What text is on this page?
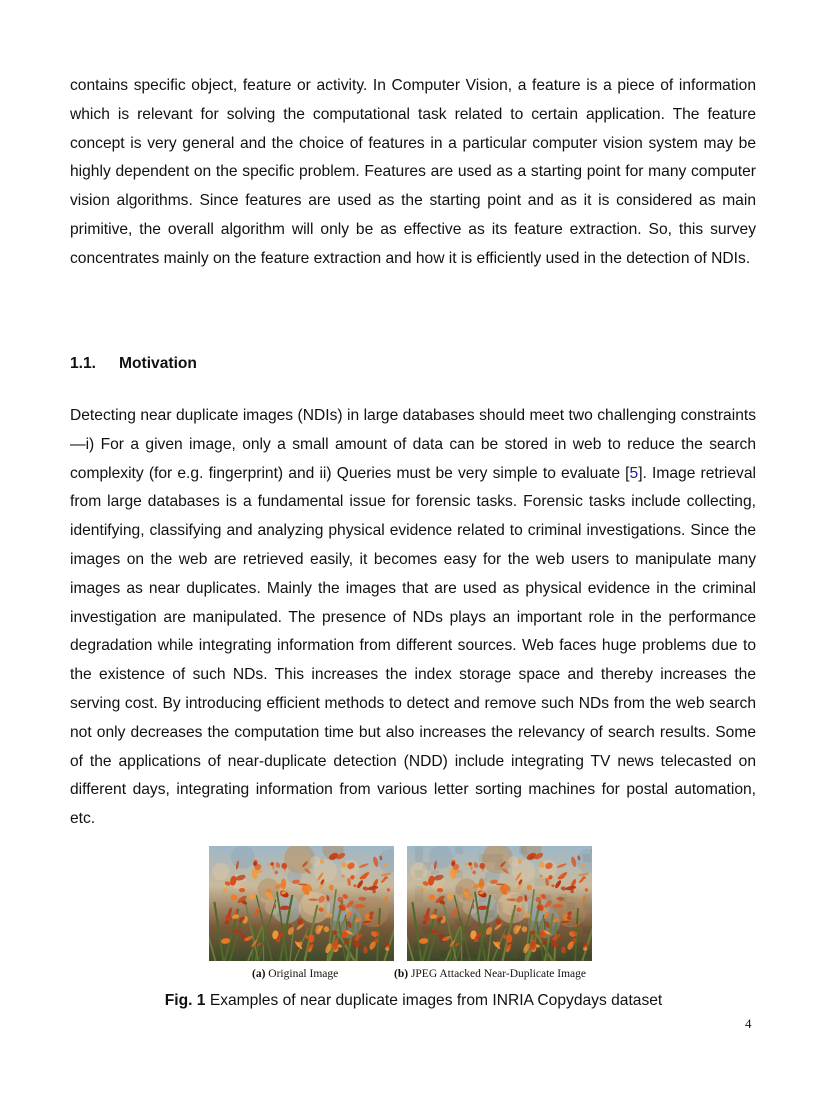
contains specific object, feature or activity. In Computer Vision, a feature is a piece of information which is relevant for solving the computational task related to certain application. The feature concept is very general and the choice of features in a particular computer vision system may be highly dependent on the specific problem. Features are used as a starting point for many computer vision algorithms. Since features are used as the starting point and as it is considered as main primitive, the overall algorithm will only be as effective as its feature extraction. So, this survey concentrates mainly on the feature extraction and how it is efficiently used in the detection of NDIs.

1.1. Motivation

Detecting near duplicate images (NDIs) in large databases should meet two challenging constraints—i) For a given image, only a small amount of data can be stored in web to reduce the search complexity (for e.g. fingerprint) and ii) Queries must be very simple to evaluate [5]. Image retrieval from large databases is a fundamental issue for forensic tasks. Forensic tasks include collecting, identifying, classifying and analyzing physical evidence related to criminal investigations. Since the images on the web are retrieved easily, it becomes easy for the web users to manipulate many images as near duplicates. Mainly the images that are used as physical evidence in the criminal investigation are manipulated. The presence of NDs plays an important role in the performance degradation while integrating information from different sources. Web faces huge problems due to the existence of such NDs. This increases the index storage space and thereby increases the serving cost. By introducing efficient methods to detect and remove such NDs from the web search not only decreases the computation time but also increases the relevancy of search results. Some of the applications of near-duplicate detection (NDD) include integrating TV news telecasted on different days, integrating information from various letter sorting machines for postal automation, etc.

(a) Original Image	(b) JPEG Attacked Near-Duplicate Image

Fig. 1 Examples of near duplicate images from INRIA Copydays dataset

4
